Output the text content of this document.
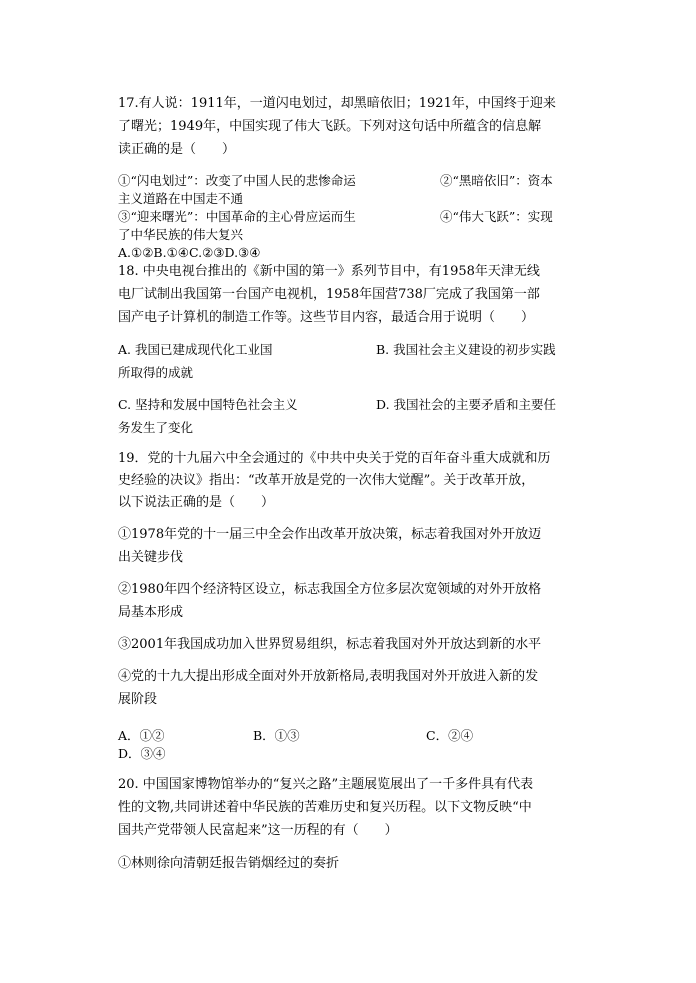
17.有人说：1911年，一道闪电划过，却黑暗依旧；1921年，中国终于迎来
了曙光；1949年，中国实现了伟大飞跃。下列对这句话中所蕴含的信息解
读正确的是（　　）
①“闪电划过”：改变了中国人民的悲惨命运	②“黑暗依旧”：资本
主义道路在中国走不通
③“迎来曙光”：中国革命的主心骨应运而生	④“伟大飞跃”：实现
了中华民族的伟大复兴
A.①②B.①④C.②③D.③④
18. 中央电视台推出的《新中国的第一》系列节目中，有1958年天津无线
电厂试制出我国第一台国产电视机，1958年国营738厂完成了我国第一部
国产电子计算机的制造工作等。这些节目内容，最适合用于说明（　　）
A. 我国已建成现代化工业国	B. 我国社会主义建设的初步实践
所取得的成就
C. 坚持和发展中国特色社会主义	D. 我国社会的主要矛盾和主要任
务发生了变化
19．党的十九届六中全会通过的《中共中央关于党的百年奋斗重大成就和历
史经验的决议》指出：“改革开放是党的一次伟大觉醒”。关于改革开放，
以下说法正确的是（　　）
①1978年党的十一届三中全会作出改革开放决策，标志着我国对外开放迈
出关键步伐
②1980年四个经济特区设立，标志我国全方位多层次宽领域的对外开放格
局基本形成
③2001年我国成功加入世界贸易组织，标志着我国对外开放达到新的水平
④党的十九大提出形成全面对外开放新格局,表明我国对外开放进入新的发
展阶段
A．①②	B．①③	C．②④
D．③④
20. 中国国家博物馆举办的“复兴之路”主题展览展出了一千多件具有代表
性的文物,共同讲述着中华民族的苦难历史和复兴历程。以下文物反映“中
国共产党带领人民富起来”这一历程的有（　　）
①林则徐向清朝廷报告销烟经过的奏折
